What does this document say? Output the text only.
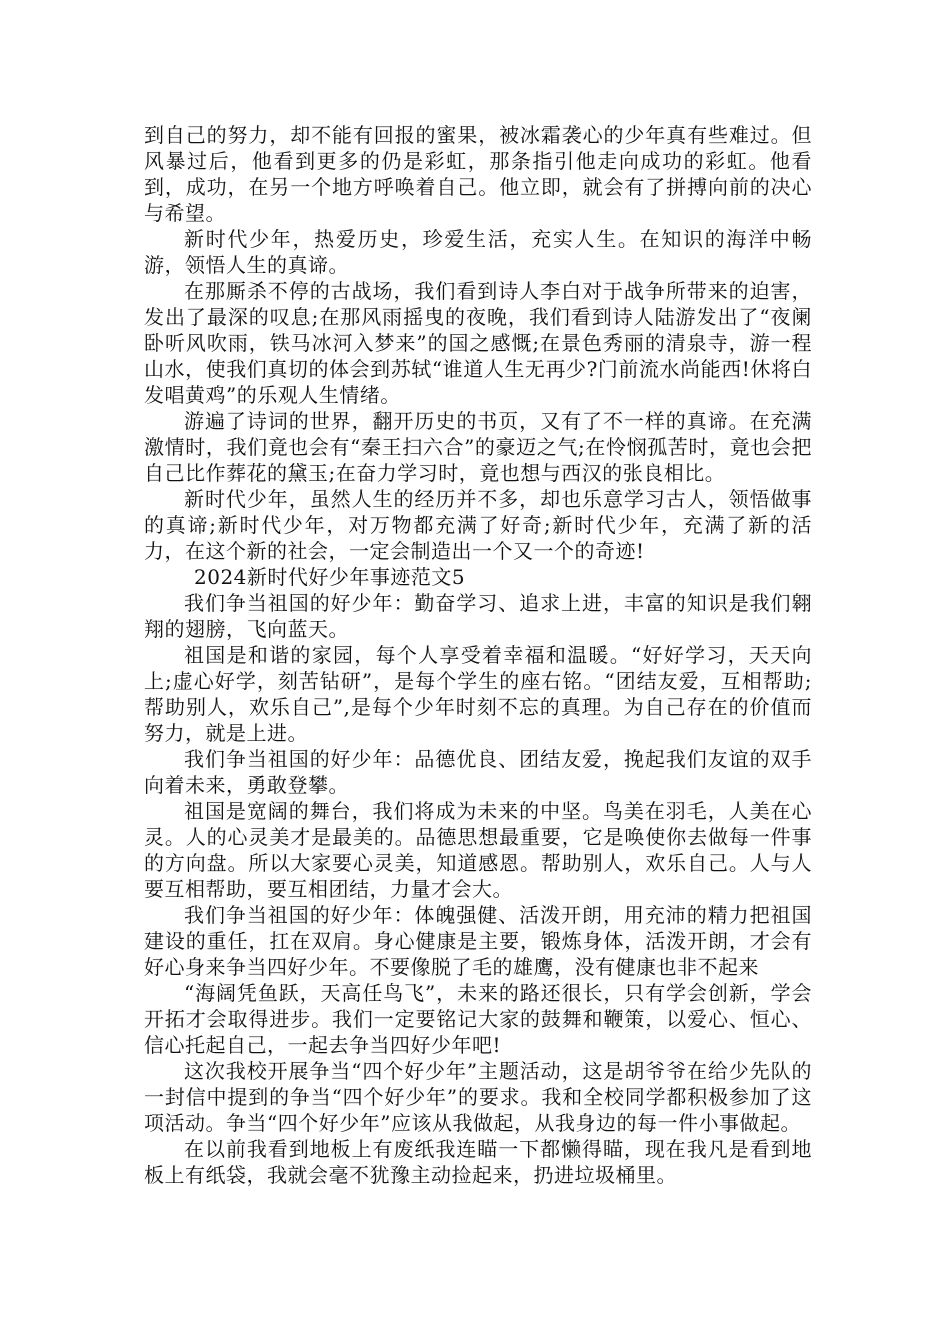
到自己的努力，却不能有回报的蜜果，被冰霜袭心的少年真有些难过。但风暴过后，他看到更多的仍是彩虹，那条指引他走向成功的彩虹。他看到，成功，在另一个地方呼唤着自己。他立即，就会有了拼搏向前的决心与希望。

新时代少年，热爱历史，珍爱生活，充实人生。在知识的海洋中畅游，领悟人生的真谛。

在那厮杀不停的古战场，我们看到诗人李白对于战争所带来的迫害，发出了最深的叹息;在那风雨摇曳的夜晚，我们看到诗人陆游发出了“夜阑卧听风吹雨，铁马冰河入梦来”的国之感慨;在景色秀丽的清泉寺，游一程山水，使我们真切的体会到苏轼“谁道人生无再少?门前流水尚能西!休将白发唱黄鸡”的乐观人生情绪。

游遍了诗词的世界，翻开历史的书页，又有了不一样的真谛。在充满激情时，我们竟也会有“秦王扫六合”的豪迈之气;在怜悯孤苦时，竟也会把自己比作葬花的黛玉;在奋力学习时，竟也想与西汉的张良相比。

新时代少年，虽然人生的经历并不多，却也乐意学习古人，领悟做事的真谛;新时代少年，对万物都充满了好奇;新时代少年，充满了新的活力，在这个新的社会，一定会制造出一个又一个的奇迹!

2024新时代好少年事迹范文5

我们争当祖国的好少年：勤奋学习、追求上进，丰富的知识是我们翱翔的翅膀，飞向蓝天。

祖国是和谐的家园，每个人享受着幸福和温暖。“好好学习，天天向上;虚心好学，刻苦钻研”，是每个学生的座右铭。“团结友爱，互相帮助;帮助别人，欢乐自己”,是每个少年时刻不忘的真理。为自己存在的价值而努力，就是上进。

我们争当祖国的好少年：品德优良、团结友爱，挽起我们友谊的双手向着未来，勇敢登攀。

祖国是宽阔的舞台，我们将成为未来的中坚。鸟美在羽毛，人美在心灵。人的心灵美才是最美的。品德思想最重要，它是唤使你去做每一件事的方向盘。所以大家要心灵美，知道感恩。帮助别人，欢乐自己。人与人要互相帮助，要互相团结，力量才会大。

我们争当祖国的好少年：体魄强健、活泼开朗，用充沛的精力把祖国建设的重任，扛在双肩。身心健康是主要，锻炼身体，活泼开朗，才会有好心身来争当四好少年。不要像脱了毛的雄鹰，没有健康也非不起来

“海阔凭鱼跃，天高任鸟飞”，未来的路还很长，只有学会创新，学会开拓才会取得进步。我们一定要铭记大家的鼓舞和鞭策，以爱心、恒心、信心托起自己，一起去争当四好少年吧!

这次我校开展争当“四个好少年”主题活动，这是胡爷爷在给少先队的一封信中提到的争当“四个好少年”的要求。我和全校同学都积极参加了这项活动。争当“四个好少年”应该从我做起，从我身边的每一件小事做起。

在以前我看到地板上有废纸我连瞄一下都懒得瞄，现在我凡是看到地板上有纸袋，我就会毫不犹豫主动捡起来，扔进垃圾桶里。
